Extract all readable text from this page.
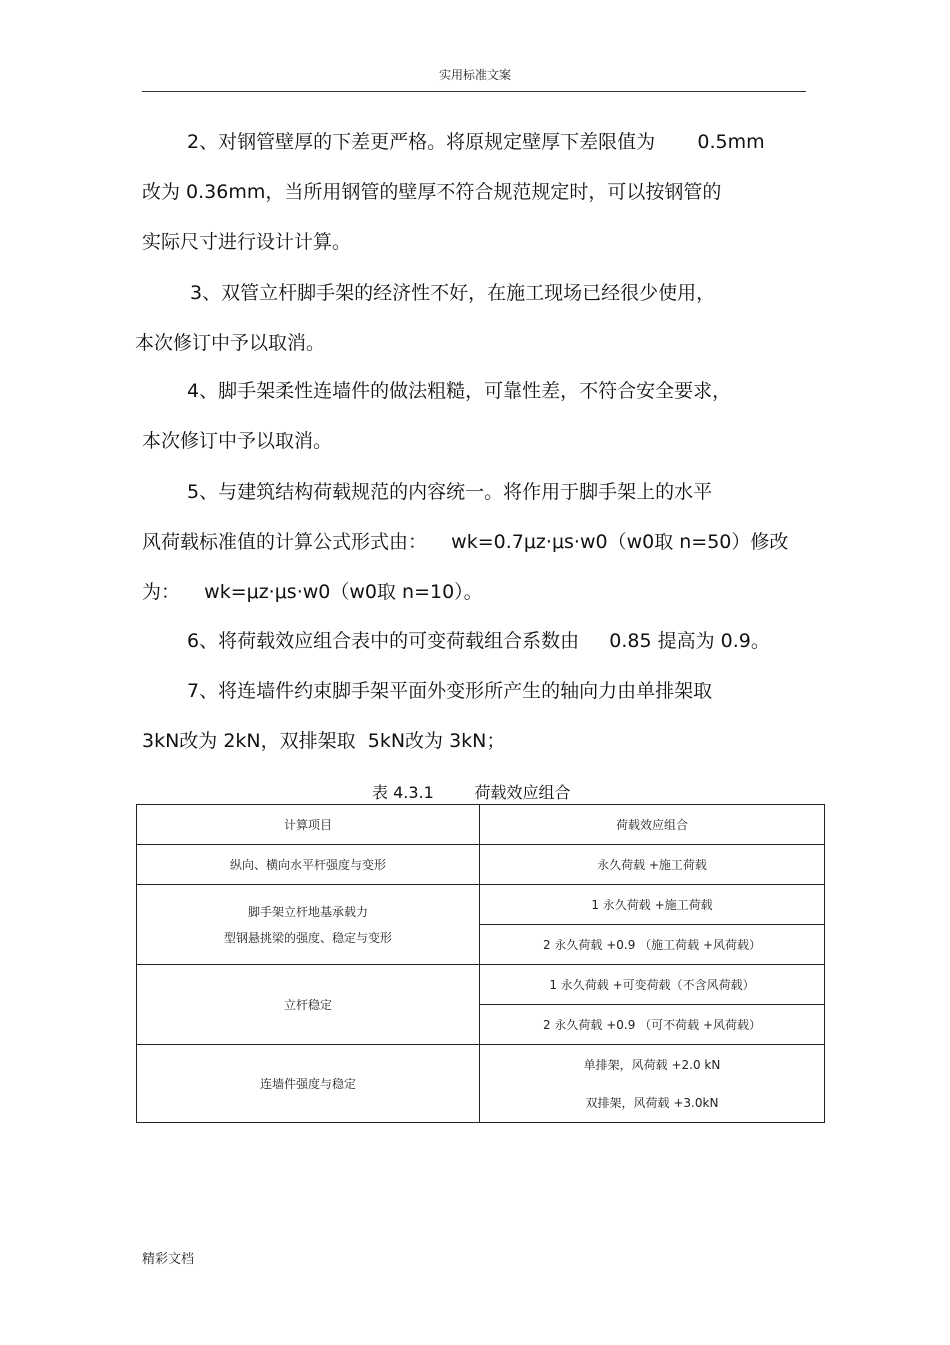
实用标准文案
2、对钢管壁厚的下差更严格。将原规定壁厚下差限值为       0.5mm
改为 0.36mm，当所用钢管的壁厚不符合规范规定时，可以按钢管的
实际尺寸进行设计计算。
3、双管立杆脚手架的经济性不好，在施工现场已经很少使用，
本次修订中予以取消。
4、脚手架柔性连墙件的做法粗糙，可靠性差，不符合安全要求，
本次修订中予以取消。
5、与建筑结构荷载规范的内容统一。将作用于脚手架上的水平
风荷载标准值的计算公式形式由：    wk=0.7μz·μs·w0（w0取 n=50）修改
为：    wk=μz·μs·w0（w0取 n=10）。
6、将荷载效应组合表中的可变荷载组合系数由     0.85 提高为 0.9。
7、将连墙件约束脚手架平面外变形所产生的轴向力由单排架取
3kN改为 2kN，双排架取  5kN改为 3kN；
表 4.3.1        荷载效应组合
计算项目	荷载效应组合
纵向、横向水平杆强度与变形	永久荷载 +施工荷载

脚手架立杆地基承载力
型钢悬挑梁的强度、稳定与变形	1 永久荷载 +施工荷载
	2 永久荷载 +0.9 （施工荷载 +风荷载）
立杆稳定	1 永久荷载 +可变荷载（不含风荷载）
	2 永久荷载 +0.9 （可不荷载 +风荷载）
连墙件强度与稳定	单排架，风荷载 +2.0 kN
双排架，风荷载 +3.0kN
精彩文档
